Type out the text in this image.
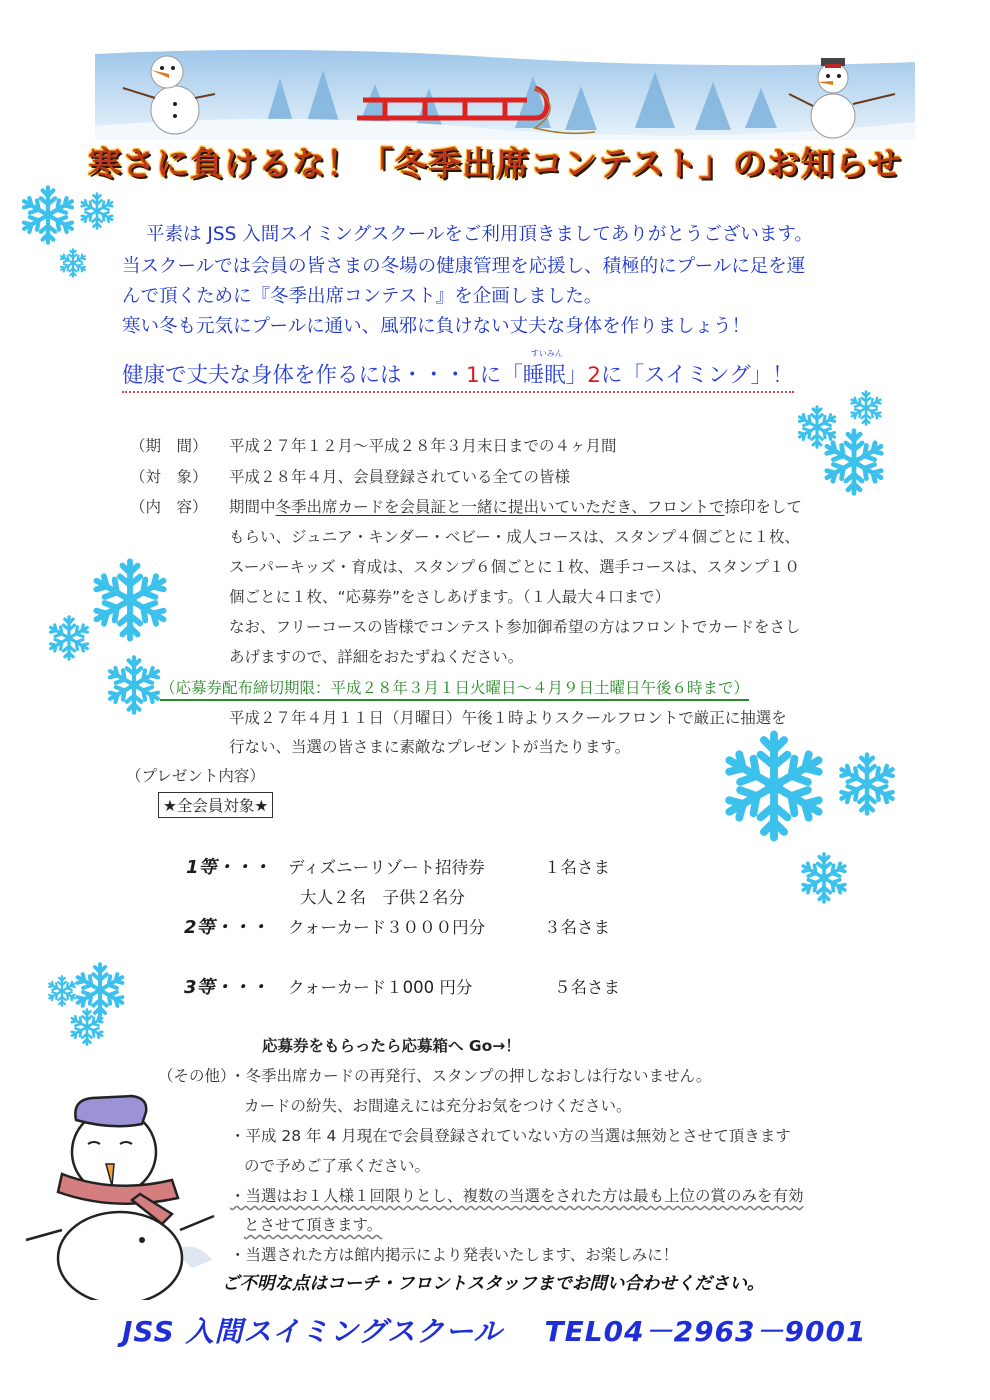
寒さに負けるな！「冬季出席コンテスト」のお知らせ
平素は JSS 入間スイミングスクールをご利用頂きましてありがとうございます。
当スクールでは会員の皆さまの冬場の健康管理を応援し、積極的にプールに足を運
んで頂くために『冬季出席コンテスト』を企画しました。
寒い冬も元気にプールに通い、風邪に負けない丈夫な身体を作りましょう！
健康で丈夫な身体を作るには・・・1に「
すいみん
睡眠」2に「スイミング」！
（期　間） 平成２７年１２月～平成２８年３月末日までの４ヶ月間
（対　象） 平成２８年４月、会員登録されている全ての皆様
（内　容） 期間中冬季出席カードを会員証と一緒に提出いていただき、フロントで捺印をして
もらい、ジュニア・キンダー・ベビー・成人コースは、スタンプ４個ごとに１枚、
スーパーキッズ・育成は、スタンプ６個ごとに１枚、選手コースは、スタンプ１０
個ごとに１枚、“応募券”をさしあげます。（１人最大４口まで）
なお、フリーコースの皆様でコンテスト参加御希望の方はフロントでカードをさし
あげますので、詳細をおたずねください。
（応募券配布締切期限：平成２８年３月１日火曜日～４月９日土曜日午後６時まで）
平成２７年４月１１日（月曜日）午後１時よりスクールフロントで厳正に抽選を
行ない、当選の皆さまに素敵なプレゼントが当たります。
（プレゼント内容）
★全会員対象★
1等・・・ ディズニーリゾート招待券	１名さま
大人２名　子供２名分
2等・・・ クォーカード３０００円分	３名さま
3等・・・ クォーカード１000 円分	５名さま
応募券をもらったら応募箱へ Go→！
（その他）
・冬季出席カードの再発行、スタンプの押しなおしは行ないません。
カードの紛失、お間違えには充分お気をつけください。
・平成 28 年 4 月現在で会員登録されていない方の当選は無効とさせて頂きます
ので予めご了承ください。
・当選はお１人様１回限りとし、複数の当選をされた方は最も上位の賞のみを有効
とさせて頂きます。
・当選された方は館内掲示により発表いたします、お楽しみに！
ご不明な点はコーチ・フロントスタッフまでお問い合わせください。
JSS 入間スイミングスクール TEL04－2963－9001
